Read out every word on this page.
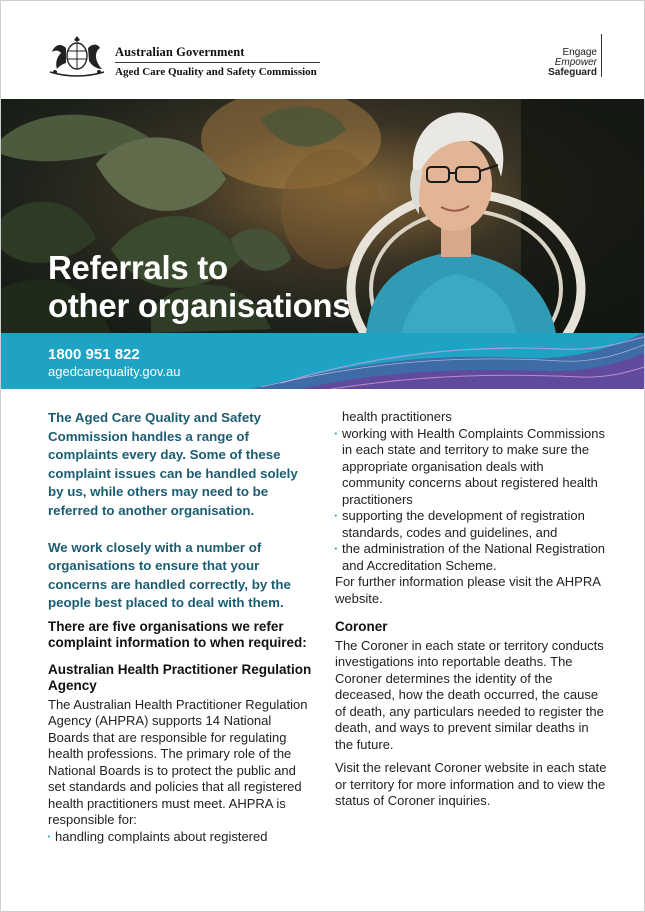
Australian Government
Aged Care Quality and Safety Commission
Engage
Empower
Safeguard
Referrals to
other organisations
1800 951 822
agedcarequality.gov.au

The Aged Care Quality and Safety Commission handles a range of complaints every day. Some of these complaint issues can be handled solely by us, while others may need to be referred to another organisation.

We work closely with a number of organisations to ensure that your concerns are handled correctly, by the people best placed to deal with them.

There are five organisations we refer complaint information to when required:

Australian Health Practitioner Regulation Agency

The Australian Health Practitioner Regulation Agency (AHPRA) supports 14 National Boards that are responsible for regulating health professions. The primary role of the National Boards is to protect the public and set standards and policies that all registered health practitioners must meet. AHPRA is responsible for:

· handling complaints about registered
health practitioners
· working with Health Complaints Commissions in each state and territory to make sure the appropriate organisation deals with community concerns about registered health practitioners
· supporting the development of registration standards, codes and guidelines, and
· the administration of the National Registration and Accreditation Scheme.

For further information please visit the AHPRA website.

Coroner

The Coroner in each state or territory conducts investigations into reportable deaths. The Coroner determines the identity of the deceased, how the death occurred, the cause of death, any particulars needed to register the death, and ways to prevent similar deaths in the future.

Visit the relevant Coroner website in each state or territory for more information and to view the status of Coroner inquiries.
